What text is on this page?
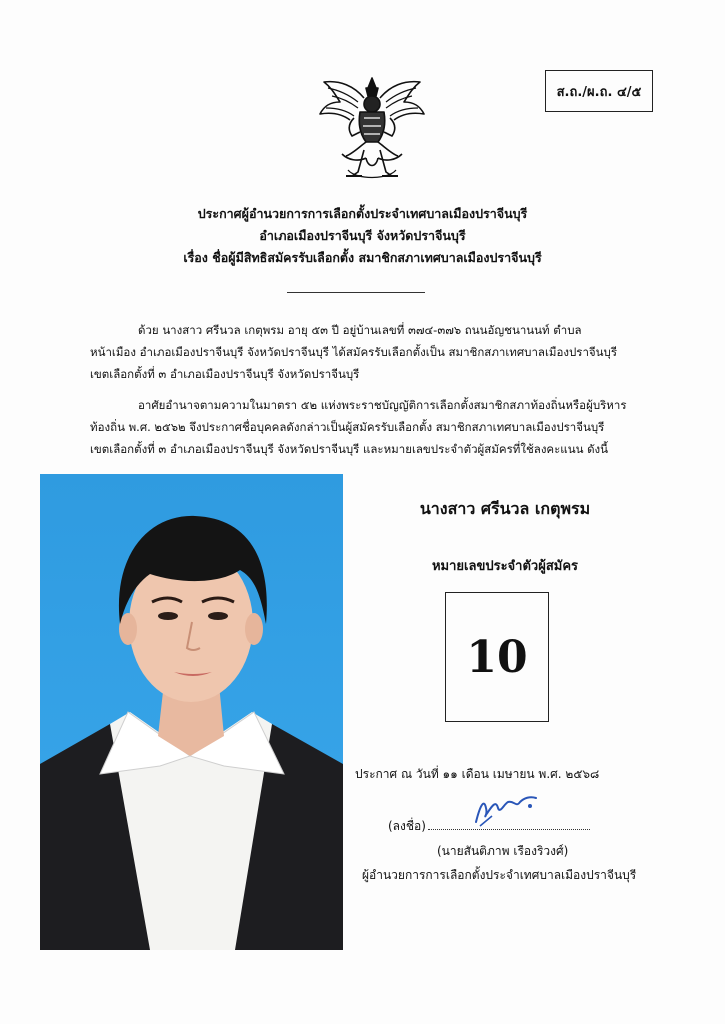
ส.ถ./ผ.ถ. ๔/๕
ประกาศผู้อำนวยการการเลือกตั้งประจำเทศบาลเมืองปราจีนบุรี
อำเภอเมืองปราจีนบุรี จังหวัดปราจีนบุรี
เรื่อง ชื่อผู้มีสิทธิสมัครรับเลือกตั้ง สมาชิกสภาเทศบาลเมืองปราจีนบุรี
ด้วย นางสาว ศรีนวล เกตุพรม อายุ ๕๓ ปี อยู่บ้านเลขที่ ๓๗๔-๓๗๖ ถนนอัญชนานนท์ ตำบล
หน้าเมือง อำเภอเมืองปราจีนบุรี จังหวัดปราจีนบุรี ได้สมัครรับเลือกตั้งเป็น สมาชิกสภาเทศบาลเมืองปราจีนบุรี
เขตเลือกตั้งที่ ๓ อำเภอเมืองปราจีนบุรี จังหวัดปราจีนบุรี
อาศัยอำนาจตามความในมาตรา ๕๒ แห่งพระราชบัญญัติการเลือกตั้งสมาชิกสภาท้องถิ่นหรือผู้บริหาร
ท้องถิ่น พ.ศ. ๒๕๖๒ จึงประกาศชื่อบุคคลดังกล่าวเป็นผู้สมัครรับเลือกตั้ง สมาชิกสภาเทศบาลเมืองปราจีนบุรี
เขตเลือกตั้งที่ ๓ อำเภอเมืองปราจีนบุรี จังหวัดปราจีนบุรี และหมายเลขประจำตัวผู้สมัครที่ใช้ลงคะแนน ดังนี้
นางสาว ศรีนวล เกตุพรม
หมายเลขประจำตัวผู้สมัคร
10
ประกาศ ณ วันที่ ๑๑ เดือน เมษายน พ.ศ. ๒๕๖๘
(ลงชื่อ)
(นายสันติภาพ เรืองริวงศ์)
ผู้อำนวยการการเลือกตั้งประจำเทศบาลเมืองปราจีนบุรี
